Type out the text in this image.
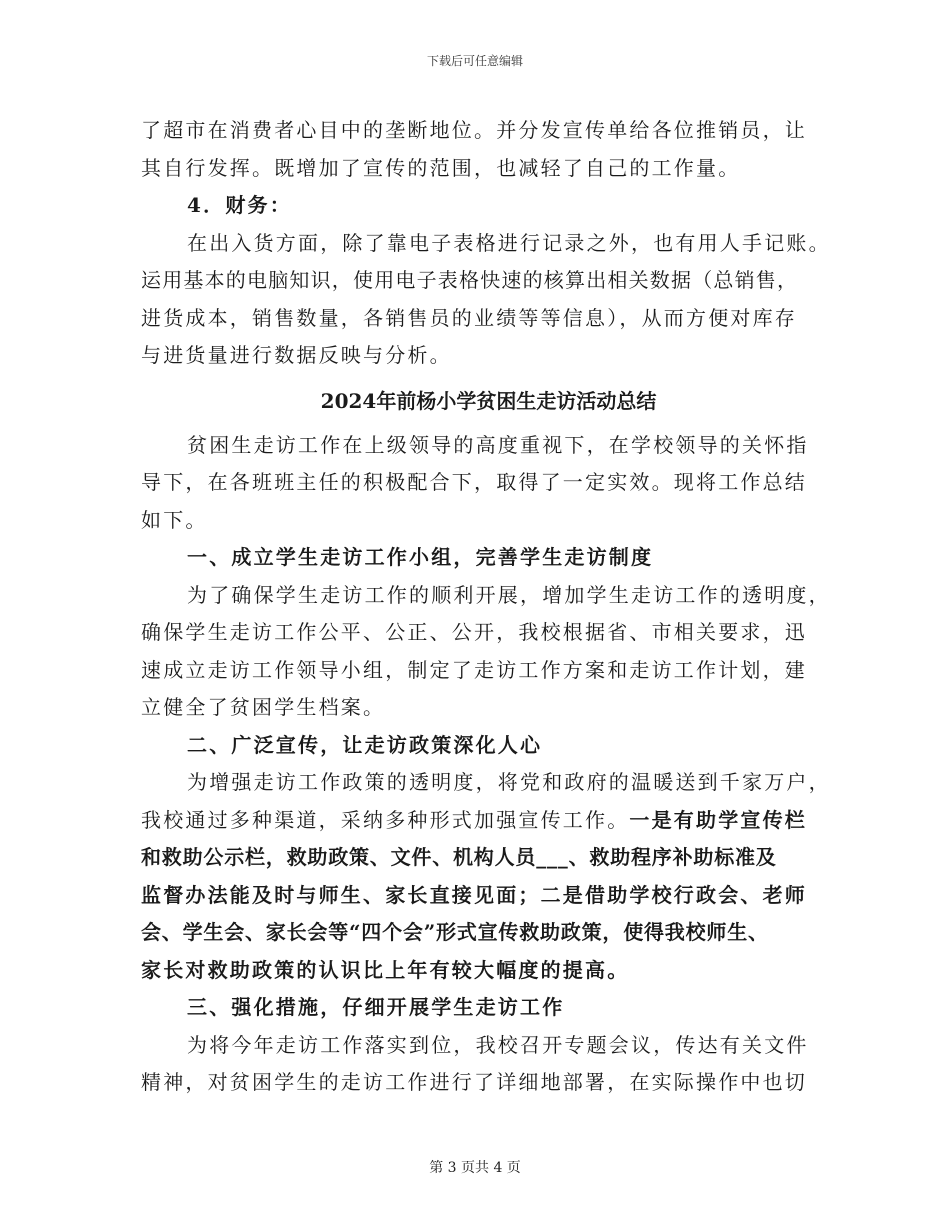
下载后可任意编辑
了超市在消费者心目中的垄断地位。并分发宣传单给各位推销员，让
其自行发挥。既增加了宣传的范围，也减轻了自己的工作量。
4．财务：
在出入货方面，除了靠电子表格进行记录之外，也有用人手记账。
运用基本的电脑知识，使用电子表格快速的核算出相关数据（总销售，
进货成本，销售数量，各销售员的业绩等等信息），从而方便对库存
与进货量进行数据反映与分析。
2024年前杨小学贫困生走访活动总结
贫困生走访工作在上级领导的高度重视下，在学校领导的关怀指
导下，在各班班主任的积极配合下，取得了一定实效。现将工作总结
如下。
一、成立学生走访工作小组，完善学生走访制度
为了确保学生走访工作的顺利开展，增加学生走访工作的透明度，
确保学生走访工作公平、公正、公开，我校根据省、市相关要求，迅
速成立走访工作领导小组，制定了走访工作方案和走访工作计划，建
立健全了贫困学生档案。
二、广泛宣传，让走访政策深化人心
为增强走访工作政策的透明度，将党和政府的温暖送到千家万户，
我校通过多种渠道，采纳多种形式加强宣传工作。一是有助学宣传栏
和救助公示栏，救助政策、文件、机构人员___、救助程序补助标准及
监督办法能及时与师生、家长直接见面；二是借助学校行政会、老师
会、学生会、家长会等“四个会”形式宣传救助政策，使得我校师生、
家长对救助政策的认识比上年有较大幅度的提高。
三、强化措施，仔细开展学生走访工作
为将今年走访工作落实到位，我校召开专题会议，传达有关文件
精神，对贫困学生的走访工作进行了详细地部署，在实际操作中也切
第 3 页共 4 页
